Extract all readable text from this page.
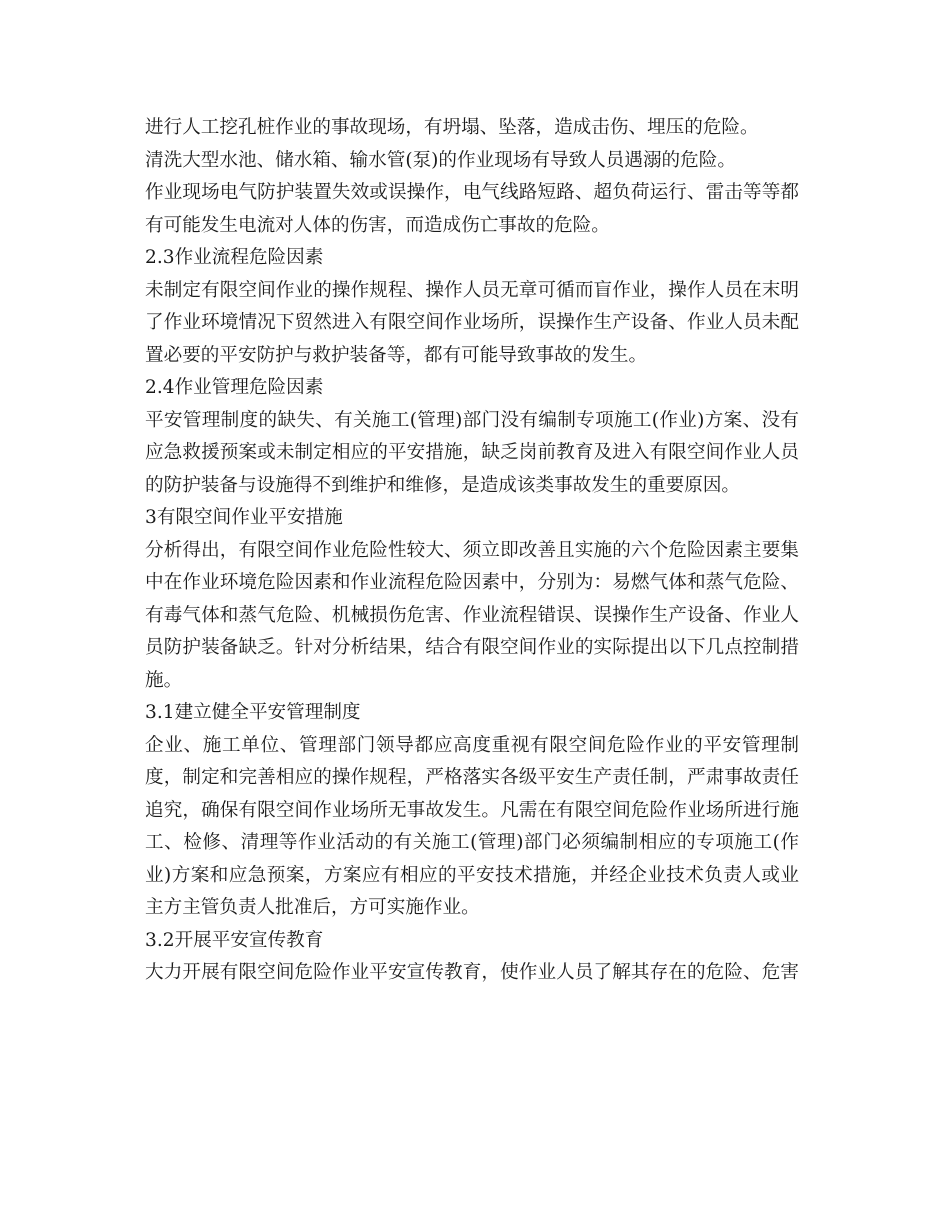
进行人工挖孔桩作业的事故现场，有坍塌、坠落，造成击伤、埋压的危险。
清洗大型水池、储水箱、输水管(泵)的作业现场有导致人员遇溺的危险。
作业现场电气防护装置失效或误操作，电气线路短路、超负荷运行、雷击等等都
有可能发生电流对人体的伤害，而造成伤亡事故的危险。
2.3作业流程危险因素
未制定有限空间作业的操作规程、操作人员无章可循而盲作业，操作人员在末明
了作业环境情况下贸然进入有限空间作业场所，误操作生产设备、作业人员未配
置必要的平安防护与救护装备等，都有可能导致事故的发生。
2.4作业管理危险因素
平安管理制度的缺失、有关施工(管理)部门没有编制专项施工(作业)方案、没有
应急救援预案或未制定相应的平安措施，缺乏岗前教育及进入有限空间作业人员
的防护装备与设施得不到维护和维修，是造成该类事故发生的重要原因。
3有限空间作业平安措施
分析得出，有限空间作业危险性较大、须立即改善且实施的六个危险因素主要集
中在作业环境危险因素和作业流程危险因素中，分别为：易燃气体和蒸气危险、
有毒气体和蒸气危险、机械损伤危害、作业流程错误、误操作生产设备、作业人
员防护装备缺乏。针对分析结果，结合有限空间作业的实际提出以下几点控制措
施。
3.1建立健全平安管理制度
企业、施工单位、管理部门领导都应高度重视有限空间危险作业的平安管理制
度，制定和完善相应的操作规程，严格落实各级平安生产责任制，严肃事故责任
追究，确保有限空间作业场所无事故发生。凡需在有限空间危险作业场所进行施
工、检修、清理等作业活动的有关施工(管理)部门必须编制相应的专项施工(作
业)方案和应急预案，方案应有相应的平安技术措施，并经企业技术负责人或业
主方主管负责人批准后，方可实施作业。
3.2开展平安宣传教育
大力开展有限空间危险作业平安宣传教育，使作业人员了解其存在的危险、危害
